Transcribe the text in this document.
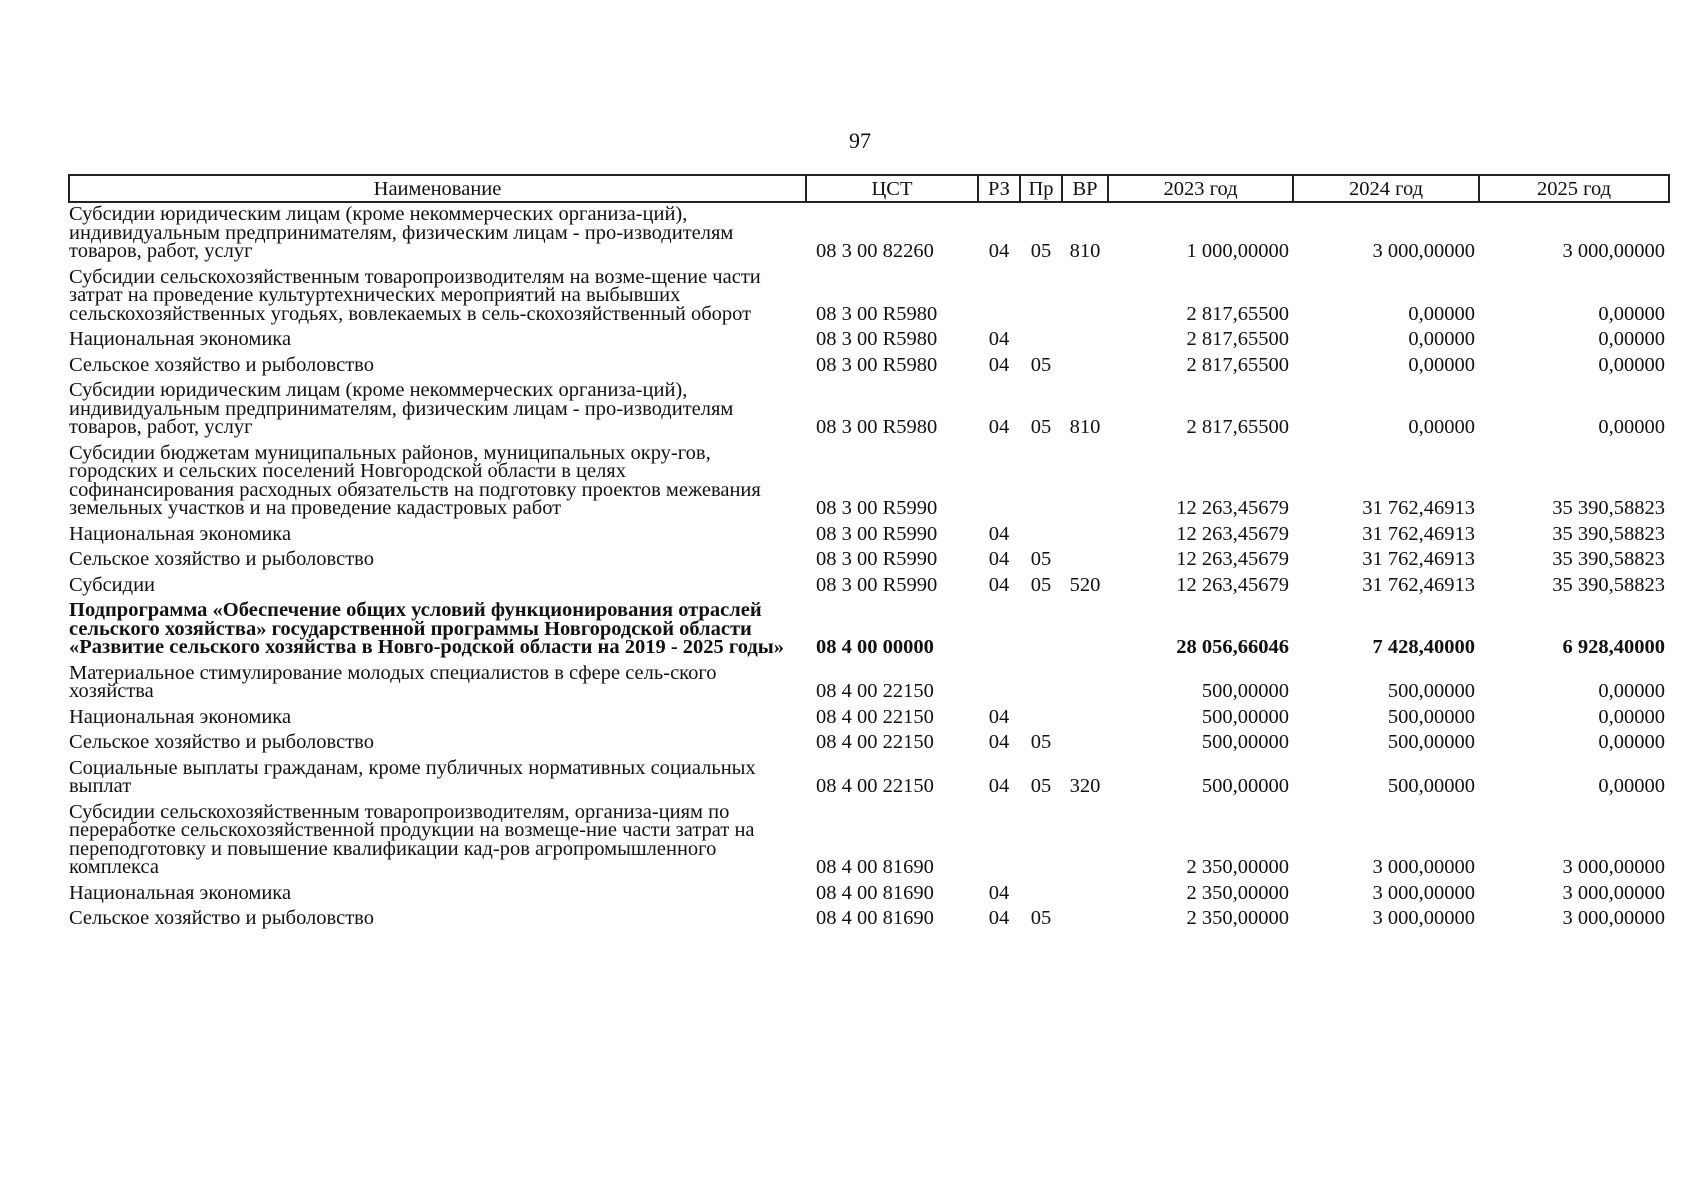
97
Наименование	ЦСТ	РЗ	Пр	ВР	2023 год	2024 год	2025 год
Субсидии юридическим лицам (кроме некоммерческих организа-ций), индивидуальным предпринимателям, физическим лицам - про-изводителям товаров, работ, услуг	08 3 00 82260	04	05	810	1 000,00000	3 000,00000	3 000,00000
Субсидии сельскохозяйственным товаропроизводителям на возме-щение части затрат на проведение культуртехнических мероприятий на выбывших сельскохозяйственных угодьях, вовлекаемых в сель-скохозяйственный оборот	08 3 00 R5980				2 817,65500	0,00000	0,00000
Национальная экономика	08 3 00 R5980	04			2 817,65500	0,00000	0,00000
Сельское хозяйство и рыболовство	08 3 00 R5980	04	05		2 817,65500	0,00000	0,00000
Субсидии юридическим лицам (кроме некоммерческих организа-ций), индивидуальным предпринимателям, физическим лицам - про-изводителям товаров, работ, услуг	08 3 00 R5980	04	05	810	2 817,65500	0,00000	0,00000
Субсидии бюджетам муниципальных районов, муниципальных окру-гов, городских и сельских поселений Новгородской области в целях софинансирования расходных обязательств на подготовку проектов межевания земельных участков и на проведение кадастровых работ	08 3 00 R5990				12 263,45679	31 762,46913	35 390,58823
Национальная экономика	08 3 00 R5990	04			12 263,45679	31 762,46913	35 390,58823
Сельское хозяйство и рыболовство	08 3 00 R5990	04	05		12 263,45679	31 762,46913	35 390,58823
Субсидии	08 3 00 R5990	04	05	520	12 263,45679	31 762,46913	35 390,58823
Подпрограмма «Обеспечение общих условий функционирования отраслей сельского хозяйства» государственной программы Новгородской области «Развитие сельского хозяйства в Новго-родской области на 2019 - 2025 годы»	08 4 00 00000				28 056,66046	7 428,40000	6 928,40000
Материальное стимулирование молодых специалистов в сфере сель-ского хозяйства	08 4 00 22150				500,00000	500,00000	0,00000
Национальная экономика	08 4 00 22150	04			500,00000	500,00000	0,00000
Сельское хозяйство и рыболовство	08 4 00 22150	04	05		500,00000	500,00000	0,00000
Социальные выплаты гражданам, кроме публичных нормативных социальных выплат	08 4 00 22150	04	05	320	500,00000	500,00000	0,00000
Субсидии сельскохозяйственным товаропроизводителям, организа-циям по переработке сельскохозяйственной продукции на возмеще-ние части затрат на переподготовку и повышение квалификации кад-ров агропромышленного комплекса	08 4 00 81690				2 350,00000	3 000,00000	3 000,00000
Национальная экономика	08 4 00 81690	04			2 350,00000	3 000,00000	3 000,00000
Сельское хозяйство и рыболовство	08 4 00 81690	04	05		2 350,00000	3 000,00000	3 000,00000
